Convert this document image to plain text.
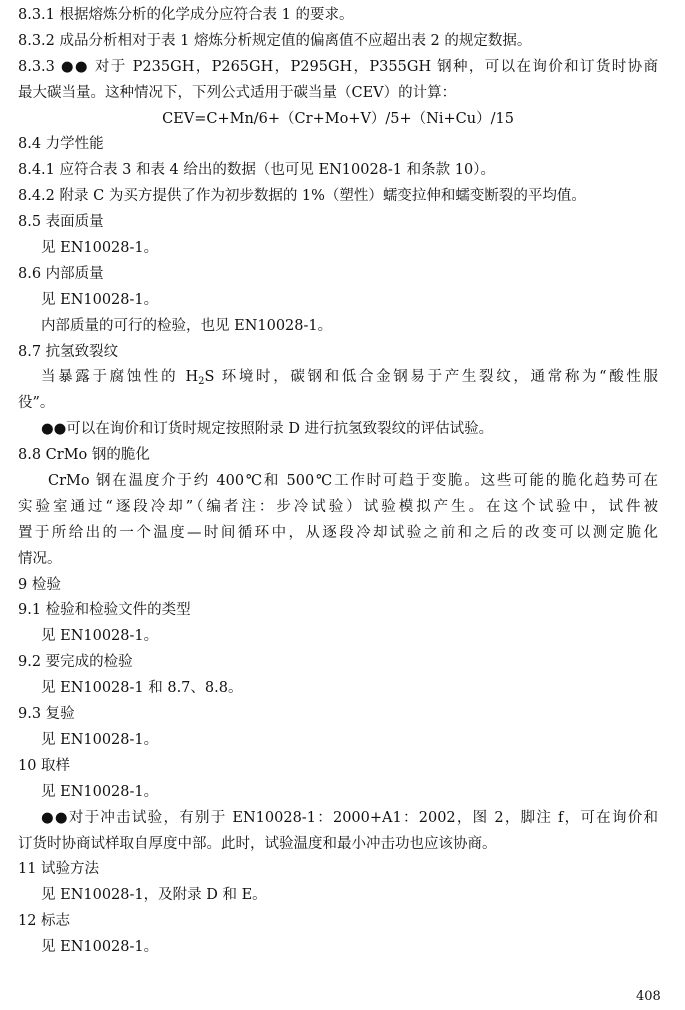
8.3.1 根据熔炼分析的化学成分应符合表 1 的要求。
8.3.2 成品分析相对于表 1 熔炼分析规定值的偏离值不应超出表 2 的规定数据。
8.3.3 ●● 对于 P235GH，P265GH，P295GH，P355GH 钢种，可以在询价和订货时协商
最大碳当量。这种情况下，下列公式适用于碳当量（CEV）的计算：
CEV=C+Mn/6+（Cr+Mo+V）/5+（Ni+Cu）/15
8.4 力学性能
8.4.1 应符合表 3 和表 4 给出的数据（也可见 EN10028-1 和条款 10）。
8.4.2 附录 C 为买方提供了作为初步数据的 1%（塑性）蠕变拉伸和蠕变断裂的平均值。
8.5 表面质量
见 EN10028-1。
8.6 内部质量
见 EN10028-1。
内部质量的可行的检验，也见 EN10028-1。
8.7 抗氢致裂纹
当暴露于腐蚀性的 $H_2S$ 环境时，碳钢和低合金钢易于产生裂纹，通常称为“酸性服
役”。
●●可以在询价和订货时规定按照附录 D 进行抗氢致裂纹的评估试验。
8.8 CrMo 钢的脆化
CrMo 钢在温度介于约 400℃和 500℃工作时可趋于变脆。这些可能的脆化趋势可在
实验室通过“逐段冷却”（编者注：步冷试验）试验模拟产生。在这个试验中，试件被
置于所给出的一个温度—时间循环中，从逐段冷却试验之前和之后的改变可以测定脆化
情况。
9 检验
9.1 检验和检验文件的类型
见 EN10028-1。
9.2 要完成的检验
见 EN10028-1 和 8.7、8.8。
9.3 复验
见 EN10028-1。
10 取样
见 EN10028-1。
●●对于冲击试验，有别于 EN10028-1：2000+A1：2002，图 2，脚注 f，可在询价和
订货时协商试样取自厚度中部。此时，试验温度和最小冲击功也应该协商。
11 试验方法
见 EN10028-1，及附录 D 和 E。
12 标志
见 EN10028-1。
408
